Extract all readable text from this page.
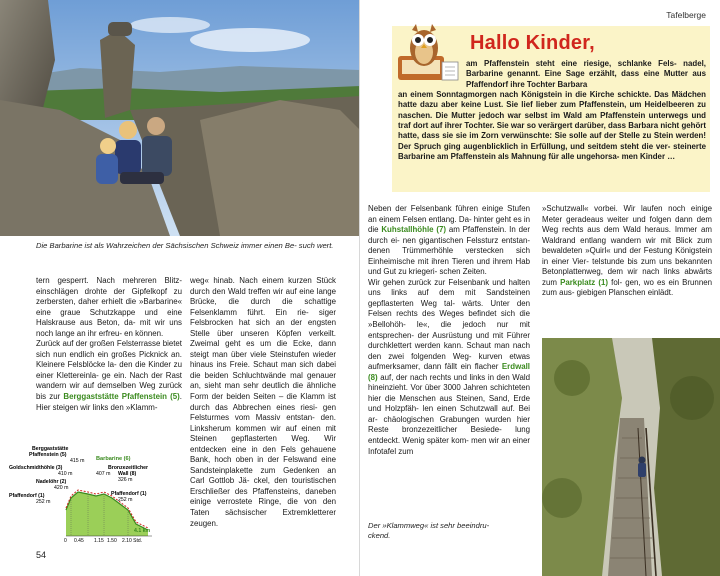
Die Barbarine ist als Wahrzeichen der Sächsischen Schweiz immer einen Be- such wert.
tern gesperrt. Nach mehreren Blitz- einschlägen drohte der Gipfelkopf zu zerbersten, daher erhielt die »Barbarine« eine graue Schutzkappe und eine Halskrause aus Beton, da- mit wir uns noch lange an ihr erfreu- en können.
Zurück auf der großen Felsterrasse bietet sich nun endlich ein großes Picknick an. Kleinere Felsblöcke la- den die Kinder zu einer Klettereinla- ge ein. Nach der Rast wandern wir auf demselben Weg zurück bis zur Berggaststätte Pfaffenstein (5). Hier steigen wir links den »Klamm-
weg« hinab. Nach einem kurzen Stück durch den Wald treffen wir auf eine lange Brücke, die durch die schattige Felsenklamm führt. Ein rie- siger Felsbrocken hat sich an der engsten Stelle über unseren Köpfen verkeilt. Zweimal geht es um die Ecke, dann steigt man über viele Steinstufen wieder hinaus ins Freie. Schaut man sich dabei die beiden Schluchtwände mal genauer an, sieht man sehr deutlich die ähnliche Form der beiden Seiten – die Klamm ist durch das Abbrechen eines riesi- gen Felsturmes vom Massiv entstan- den. Linksherum kommen wir auf einen mit Steinen gepflasterten Weg. Wir entdecken eine in den Fels gehauene Bank, hoch oben in der Felswand eine Sandsteinplakette zum Gedenken an Carl Gottlob Jä- ckel, den touristischen Erschließer des Pfaffensteins, daneben einige verrostete Ringe, die von den Taten sächsischer Extremkletterer zeugen.
Berggaststätte
Pfaffenstein (5)
415 m Barbarine (6)
Goldschmidthöhle (3)
410 m	407 m
Bronzezeitlicher
Wall (8)
Nadelöhr (2)	326 m
420 m
Pfaffendorf (1)
252 m
Pfaffendorf (1)
252 m
4.1 km
0 0.45 1.15 1.50 2.10 Std.
54
Tafelberge
Hallo Kinder,
am Pfaffenstein steht eine riesige, schlanke Fels- nadel, Barbarine genannt. Eine Sage erzählt, dass eine Mutter aus Pfaffendorf ihre Tochter Barbara
an einem Sonntagmorgen nach Königstein in die Kirche schickte. Das Mädchen hatte dazu aber keine Lust. Sie lief lieber zum Pfaffenstein, um Heidelbeeren zu naschen. Die Mutter jedoch war selbst im Wald am Pfaffenstein unterwegs und traf dort auf ihrer Tochter. Sie war so verärgert darüber, dass Barbara nicht gehört hatte, dass sie sie im Zorn verwünschte: Sie solle auf der Stelle zu Stein werden! Der Spruch ging augenblicklich in Erfüllung, und seitdem steht die ver- steinerte Barbarine am Pfaffenstein als Mahnung für alle ungehorsa- men Kinder …
Neben der Felsenbank führen einige Stufen an einem Felsen entlang. Da- hinter geht es in die Kuhstallhöhle (7) am Pfaffenstein. In der durch ei- nen gigantischen Felssturz entstan- denen Trümmerhöhle verstecken sich Einheimische mit ihren Tieren und ihrem Hab und Gut zu kriegeri- schen Zeiten.
Wir gehen zurück zur Felsenbank und halten uns links auf dem mit Sandsteinen gepflasterten Weg tal- wärts. Unter den Felsen rechts des Weges befindet sich die »Bellohöh- le«, die jedoch nur mit entsprechen- der Ausrüstung und mit Führer durchklettert werden kann. Schaut man nach den zwei folgenden Weg- kurven etwas aufmerksamer, dann fällt ein flacher Erdwall (8) auf, der nach rechts und links in den Wald hineinzieht. Vor über 3000 Jahren schichteten hier die Menschen aus Steinen, Sand, Erde und Holzpfäh- len einen Schutzwall auf. Bei ar- chäologischen Grabungen wurden hier Reste bronzezeitlicher Besiede- lung entdeckt. Wenig später kom- men wir an einer Infotafel zum
»Schutzwall« vorbei. Wir laufen noch einige Meter geradeaus weiter und folgen dann dem Weg rechts aus dem Wald heraus. Immer am Waldrand entlang wandern wir mit Blick zum bewaldeten »Quirl« und der Festung Königstein in einer Vier- telstunde bis zum uns bekannten Betonplattenweg, dem wir nach links abwärts zum Parkplatz (1) fol- gen, wo es ein Brunnen zum aus- giebigen Planschen einlädt.
Der »Klammweg« ist sehr beeindru-
ckend.
